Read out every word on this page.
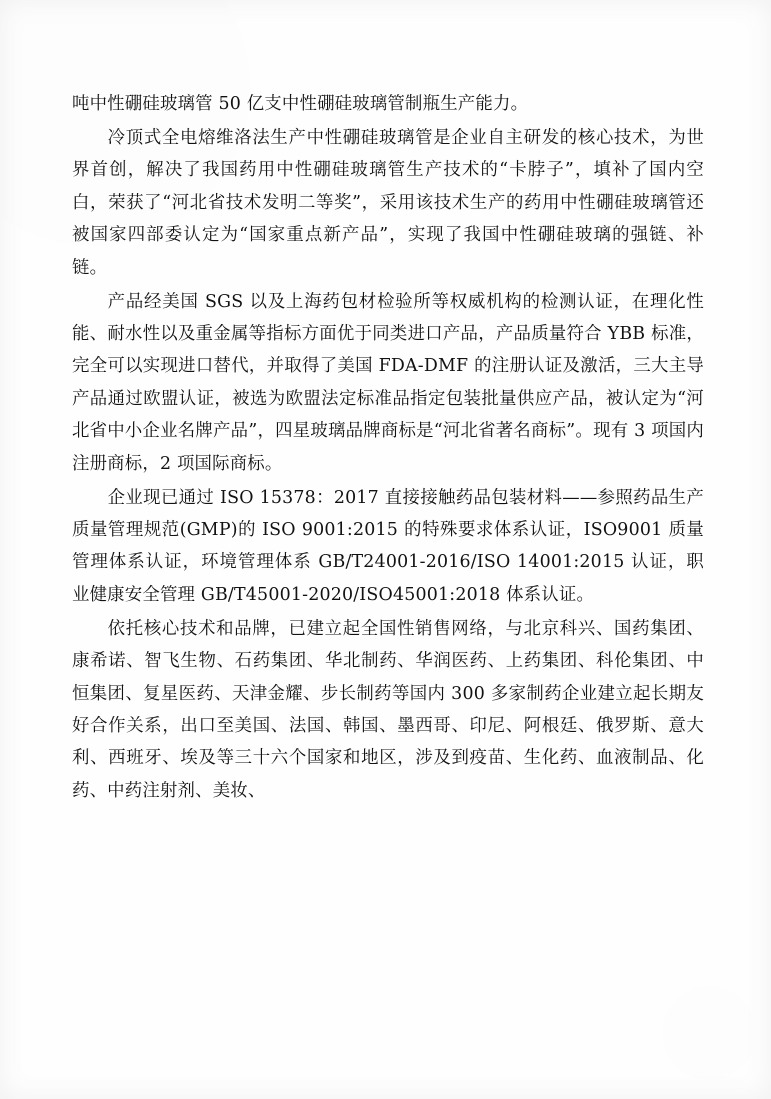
吨中性硼硅玻璃管 50 亿支中性硼硅玻璃管制瓶生产能力。

冷顶式全电熔维洛法生产中性硼硅玻璃管是企业自主研发的核心技术，为世界首创，解决了我国药用中性硼硅玻璃管生产技术的“卡脖子”，填补了国内空白，荣获了“河北省技术发明二等奖”，采用该技术生产的药用中性硼硅玻璃管还被国家四部委认定为“国家重点新产品”，实现了我国中性硼硅玻璃的强链、补链。

产品经美国 SGS 以及上海药包材检验所等权威机构的检测认证，在理化性能、耐水性以及重金属等指标方面优于同类进口产品，产品质量符合 YBB 标准，完全可以实现进口替代，并取得了美国 FDA-DMF 的注册认证及激活，三大主导产品通过欧盟认证，被选为欧盟法定标准品指定包装批量供应产品，被认定为“河北省中小企业名牌产品”，四星玻璃品牌商标是“河北省著名商标”。现有 3 项国内注册商标，2 项国际商标。

企业现已通过 ISO 15378：2017 直接接触药品包装材料——参照药品生产质量管理规范(GMP)的 ISO 9001:2015 的特殊要求体系认证，ISO9001 质量管理体系认证，环境管理体系 GB/T24001-2016/ISO 14001:2015 认证，职业健康安全管理 GB/T45001-2020/ISO45001:2018 体系认证。

依托核心技术和品牌，已建立起全国性销售网络，与北京科兴、国药集团、康希诺、智飞生物、石药集团、华北制药、华润医药、上药集团、科伦集团、中恒集团、复星医药、天津金耀、步长制药等国内 300 多家制药企业建立起长期友好合作关系，出口至美国、法国、韩国、墨西哥、印尼、阿根廷、俄罗斯、意大利、西班牙、埃及等三十六个国家和地区，涉及到疫苗、生化药、血液制品、化药、中药注射剂、美妆、
